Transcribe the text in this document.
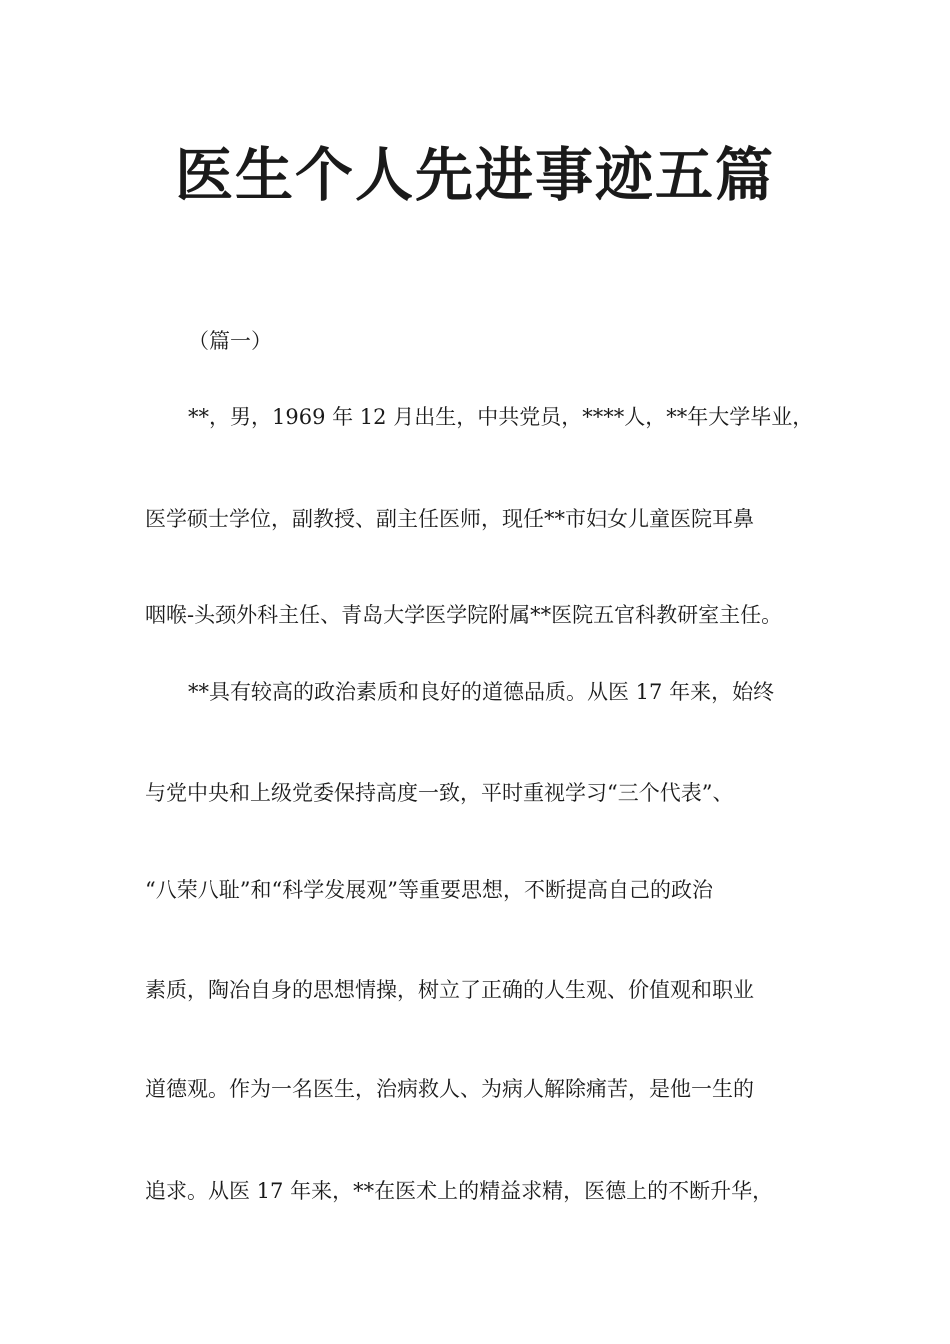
医生个人先进事迹五篇
（篇一）
**，男，1969 年 12 月出生，中共党员，****人，**年大学毕业，
医学硕士学位，副教授、副主任医师，现任**市妇女儿童医院耳鼻
咽喉-头颈外科主任、青岛大学医学院附属**医院五官科教研室主任。
**具有较高的政治素质和良好的道德品质。从医 17 年来，始终
与党中央和上级党委保持高度一致，平时重视学习“三个代表”、
“八荣八耻”和“科学发展观”等重要思想，不断提高自己的政治
素质，陶冶自身的思想情操，树立了正确的人生观、价值观和职业
道德观。作为一名医生，治病救人、为病人解除痛苦，是他一生的
追求。从医 17 年来，**在医术上的精益求精，医德上的不断升华，
